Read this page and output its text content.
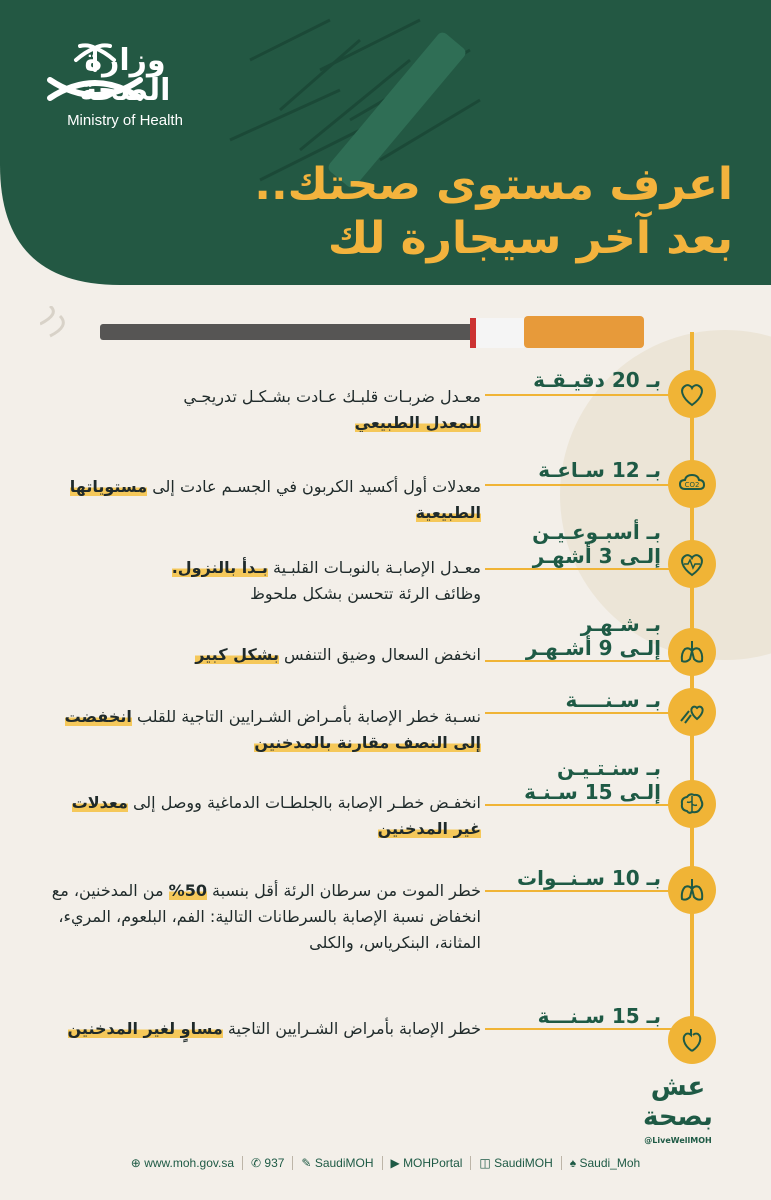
وزارة الصحة
Ministry of Health
اعرف مستوى صحتك..
بعد آخر سيجارة لك
بـ 20 دقيـقـة
معـدل ضربـات قلبـك عـادت بشـكـل تدريجـي
للمعدل الطبيعي
بـ 12 سـاعـة
معدلات أول أكسيد الكربون في الجسـم عادت إلى مستوياتها الطبيعية
CO2
بـ أسبـوعـيـن
إلـى 3 أشهـر
معـدل الإصابـة بالنوبـات القلبـية بـدأ بالنزول.
وظائف الرئة تتحسن بشكل ملحوظ
بـ شـهـر
إلـى 9 أشـهـر
انخفض السعال وضيق التنفس بشكل كبير
بـ سـنــــة
نسـبة خطر الإصابة بأمـراض الشـرايين التاجية للقلب انخفضت إلى النصف مقارنة بالمدخنين
بـ سنـتـيـن
إلـى 15 سـنـة
انخفـض خطـر الإصابة بالجلطـات الدماغية ووصل إلى معدلات غير المدخنين
بـ 10 سـنــوات
خطر الموت من سرطان الرئة أقل بنسبة 50% من المدخنين، مع انخفاض نسبة الإصابة بالسرطانات التالية: الفم، البلعوم، المريء، المثانة، البنكرياس، والكلى
بـ 15 سـنـــة
خطر الإصابة بأمراض الشـرايين التاجية مساوٍ لغير المدخنين
عش
بصحة
@LiveWellMOH
⊕ www.moh.gov.sa	✆ 937	✎ SaudiMOH	▶ MOHPortal	◫ SaudiMOH	♠ Saudi_Moh
